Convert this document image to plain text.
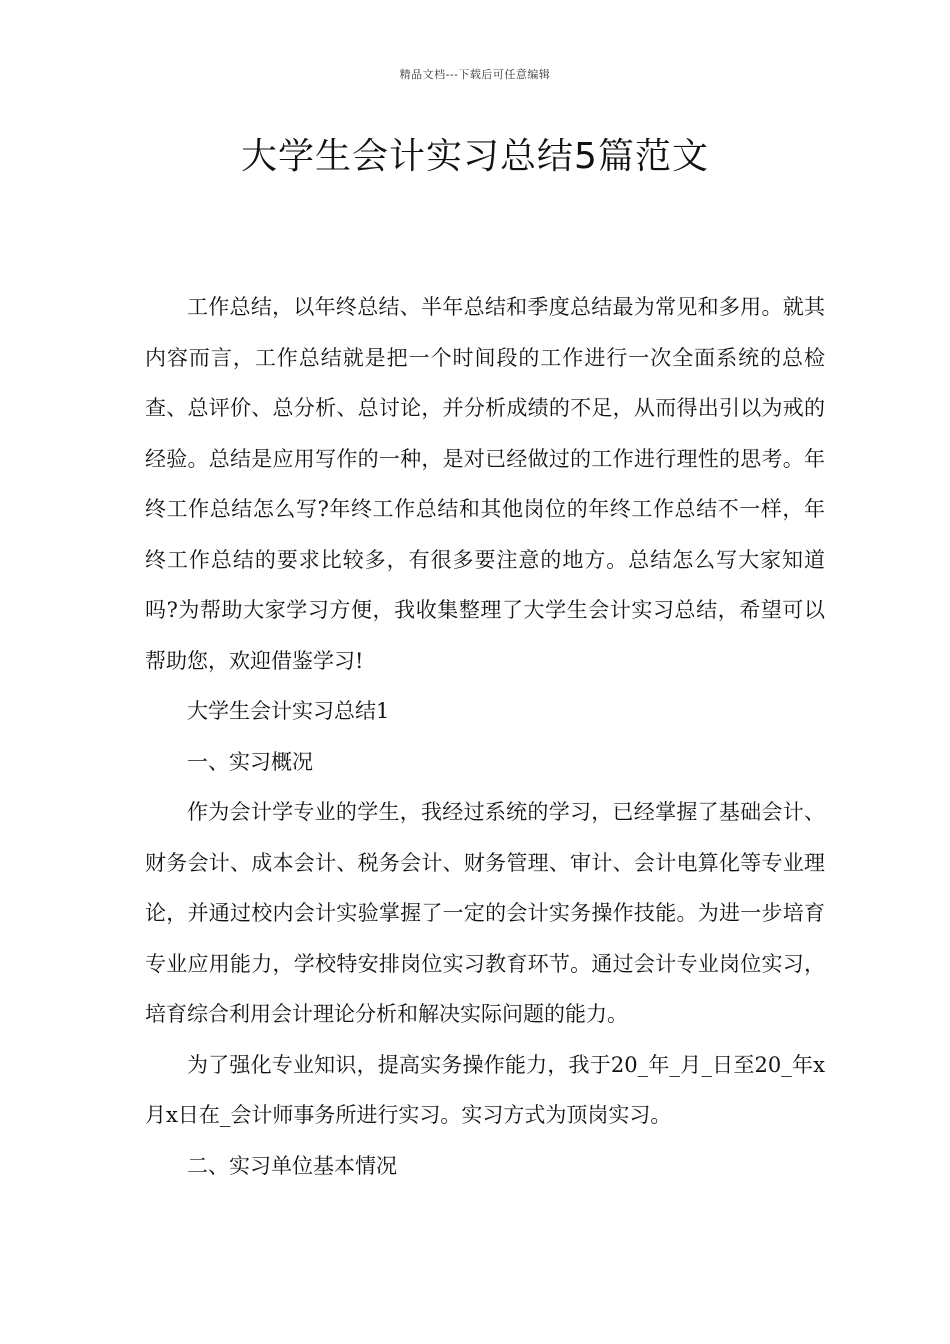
精品文档---下载后可任意编辑
大学生会计实习总结5篇范文

工作总结，以年终总结、半年总结和季度总结最为常见和多用。就其内容而言，工作总结就是把一个时间段的工作进行一次全面系统的总检查、总评价、总分析、总讨论，并分析成绩的不足，从而得出引以为戒的经验。总结是应用写作的一种，是对已经做过的工作进行理性的思考。年终工作总结怎么写?年终工作总结和其他岗位的年终工作总结不一样，年终工作总结的要求比较多，有很多要注意的地方。总结怎么写大家知道吗?为帮助大家学习方便，我收集整理了大学生会计实习总结，希望可以帮助您，欢迎借鉴学习!

大学生会计实习总结1

一、实习概况

作为会计学专业的学生，我经过系统的学习，已经掌握了基础会计、财务会计、成本会计、税务会计、财务管理、审计、会计电算化等专业理论，并通过校内会计实验掌握了一定的会计实务操作技能。为进一步培育专业应用能力，学校特安排岗位实习教育环节。通过会计专业岗位实习，培育综合利用会计理论分析和解决实际问题的能力。

为了强化专业知识，提高实务操作能力，我于20_年_月_日至20_年x月x日在_会计师事务所进行实习。实习方式为顶岗实习。

二、实习单位基本情况
